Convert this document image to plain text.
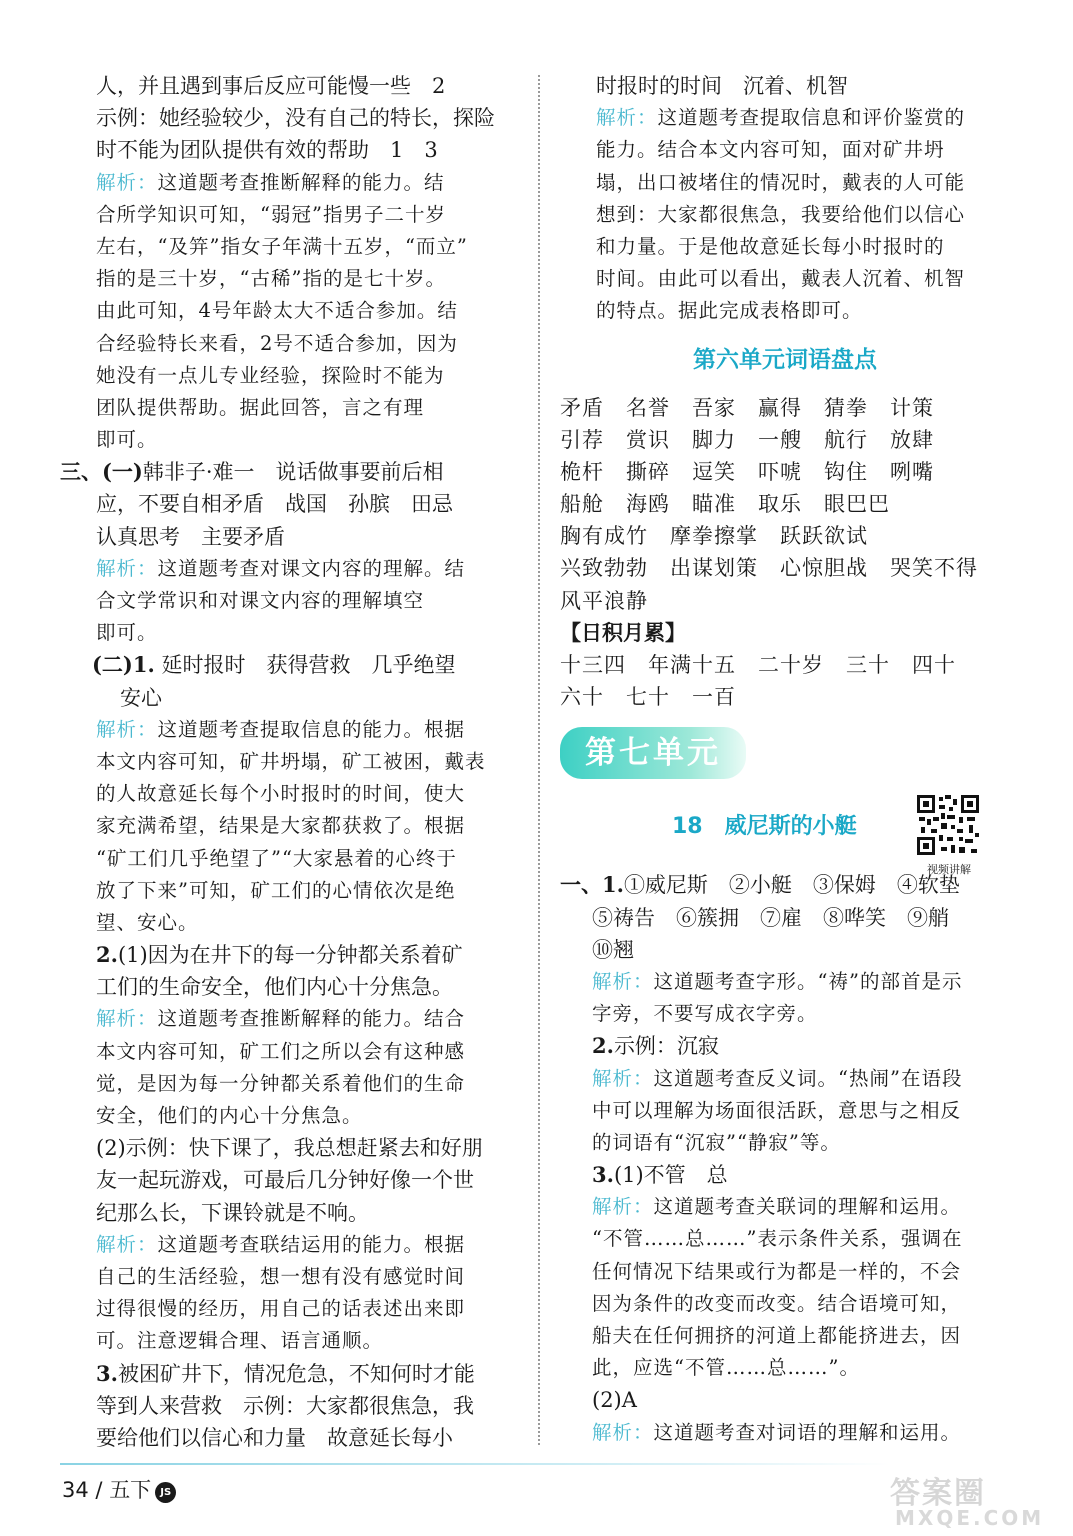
人，并且遇到事后反应可能慢一些　2
示例：她经验较少，没有自己的特长，探险
时不能为团队提供有效的帮助　1　3
解析：这道题考查推断解释的能力。结
合所学知识可知，“弱冠”指男子二十岁
左右，“及笄”指女子年满十五岁，“而立”
指的是三十岁，“古稀”指的是七十岁。
由此可知，4号年龄太大不适合参加。结
合经验特长来看，2号不适合参加，因为
她没有一点儿专业经验，探险时不能为
团队提供帮助。据此回答，言之有理
即可。
三、(一)韩非子·难一　说话做事要前后相
应，不要自相矛盾　战国　孙膑　田忌
认真思考　主要矛盾
解析：这道题考查对课文内容的理解。结
合文学常识和对课文内容的理解填空
即可。
(二)1. 延时报时　获得营救　几乎绝望
安心
解析：这道题考查提取信息的能力。根据
本文内容可知，矿井坍塌，矿工被困，戴表
的人故意延长每个小时报时的时间，使大
家充满希望，结果是大家都获救了。根据
“矿工们几乎绝望了”“大家悬着的心终于
放了下来”可知，矿工们的心情依次是绝
望、安心。
2.(1)因为在井下的每一分钟都关系着矿
工们的生命安全，他们内心十分焦急。
解析：这道题考查推断解释的能力。结合
本文内容可知，矿工们之所以会有这种感
觉，是因为每一分钟都关系着他们的生命
安全，他们的内心十分焦急。
(2)示例：快下课了，我总想赶紧去和好朋
友一起玩游戏，可最后几分钟好像一个世
纪那么长，下课铃就是不响。
解析：这道题考查联结运用的能力。根据
自己的生活经验，想一想有没有感觉时间
过得很慢的经历，用自己的话表述出来即
可。注意逻辑合理、语言通顺。
3.被困矿井下，情况危急，不知何时才能
等到人来营救　示例：大家都很焦急，我
要给他们以信心和力量　故意延长每小
时报时的时间　沉着、机智
解析：这道题考查提取信息和评价鉴赏的
能力。结合本文内容可知，面对矿井坍
塌，出口被堵住的情况时，戴表的人可能
想到：大家都很焦急，我要给他们以信心
和力量。于是他故意延长每小时报时的
时间。由此可以看出，戴表人沉着、机智
的特点。据此完成表格即可。
第六单元词语盘点
矛盾　名誉　吾家　赢得　猜拳　计策
引荐　赏识　脚力　一艘　航行　放肆
桅杆　撕碎　逗笑　吓唬　钩住　咧嘴
船舱　海鸥　瞄准　取乐　眼巴巴
胸有成竹　摩拳擦掌　跃跃欲试
兴致勃勃　出谋划策　心惊胆战　哭笑不得
风平浪静
【日积月累】
十三四　年满十五　二十岁　三十　四十
六十　七十　一百
第七单元
18　威尼斯的小艇
视频讲解
一、1.①威尼斯　②小艇　③保姆　④软垫
⑤祷告　⑥簇拥　⑦雇　⑧哗笑　⑨艄
⑩翘
解析：这道题考查字形。“祷”的部首是示
字旁，不要写成衣字旁。
2.示例：沉寂
解析：这道题考查反义词。“热闹”在语段
中可以理解为场面很活跃，意思与之相反
的词语有“沉寂”“静寂”等。
3.(1)不管　总
解析：这道题考查关联词的理解和运用。
“不管……总……”表示条件关系，强调在
任何情况下结果或行为都是一样的，不会
因为条件的改变而改变。结合语境可知，
船夫在任何拥挤的河道上都能挤进去，因
此，应选“不管……总……”。
(2)A
解析：这道题考查对词语的理解和运用。
34 / 五下 JS	答案圈
MXQE.COM
